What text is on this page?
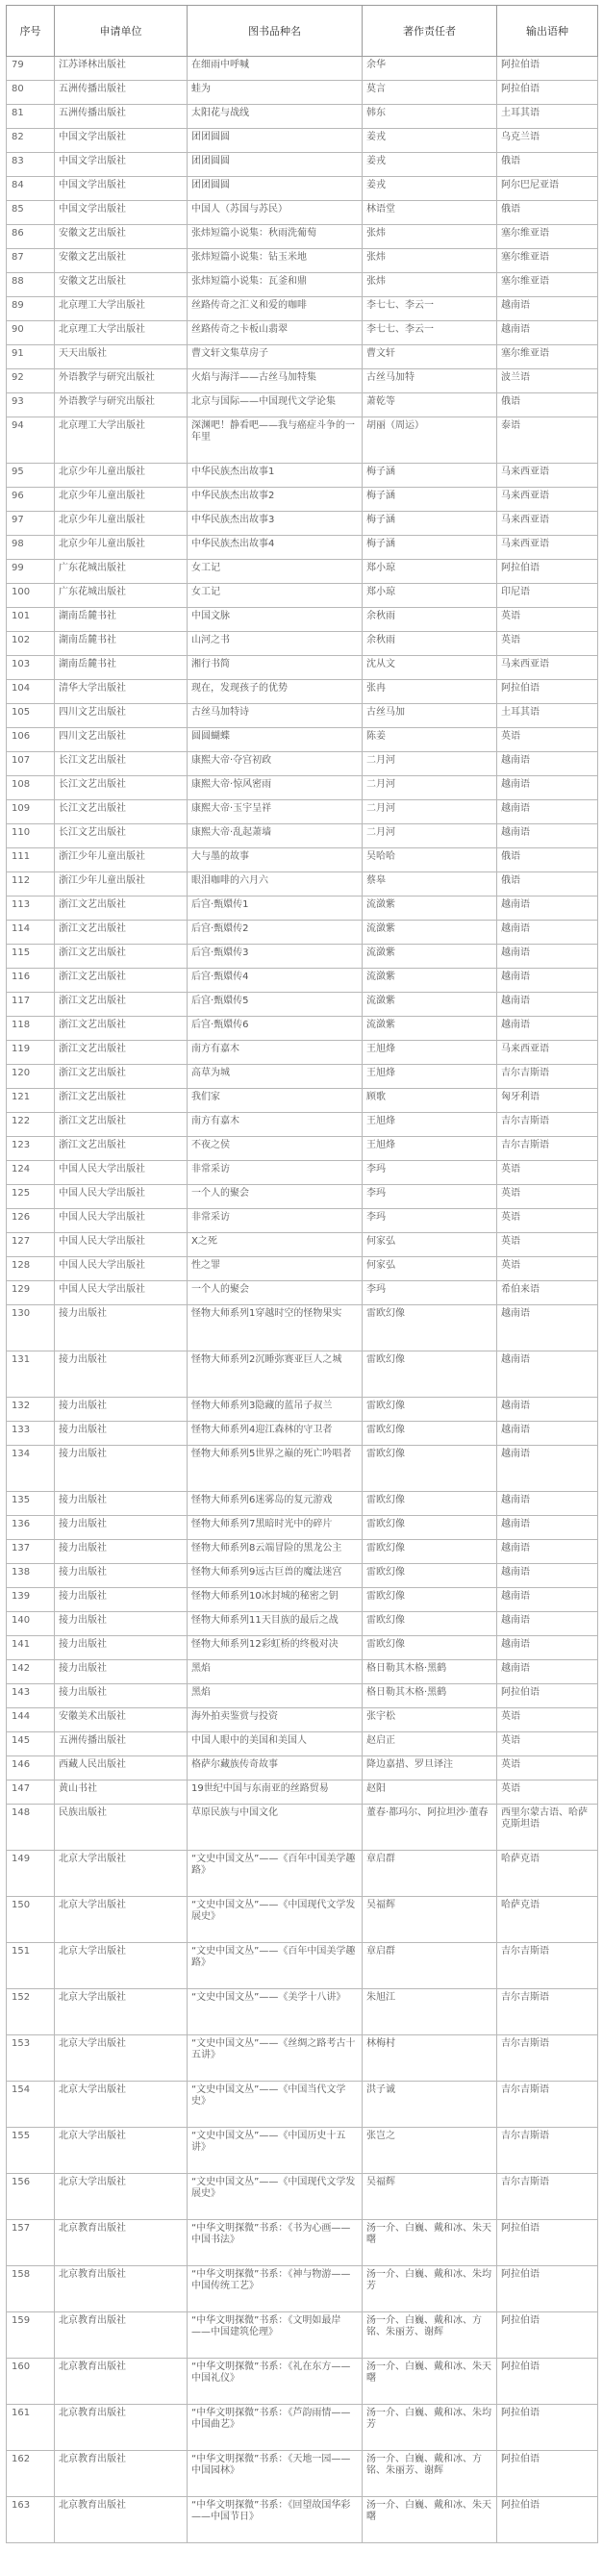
序号	申请单位	图书品种名	著作责任者	输出语种
79	江苏译林出版社	在细雨中呼喊	余华	阿拉伯语
80	五洲传播出版社	蛙为	莫言	阿拉伯语
81	五洲传播出版社	太阳花与战线	韩东	土耳其语
82	中国文学出版社	团团圆圆	姜戎	乌克兰语
83	中国文学出版社	团团圆圆	姜戎	俄语
84	中国文学出版社	团团圆圆	姜戎	阿尔巴尼亚语
85	中国文学出版社	中国人（苏国与苏民）	林语堂	俄语
86	安徽文艺出版社	张炜短篇小说集：秋雨洗葡萄	张炜	塞尔维亚语
87	安徽文艺出版社	张炜短篇小说集：钻玉米地	张炜	塞尔维亚语
88	安徽文艺出版社	张炜短篇小说集：瓦釜和鼎	张炜	塞尔维亚语
89	北京理工大学出版社	丝路传奇之汇义和爱的咖啡	李七七、李云一	越南语
90	北京理工大学出版社	丝路传奇之卡板山翡翠	李七七、李云一	越南语
91	天天出版社	曹文轩文集草房子	曹文轩	塞尔维亚语
92	外语教学与研究出版社	火焰与海洋——古丝马加特集	古丝马加特	波兰语
93	外语教学与研究出版社	北京与国际——中国现代文学论集	萧乾等	俄语
94	北京理工大学出版社	深渊吧！静看吧——我与癌症斗争的一年里	胡丽（周运）	泰语
95	北京少年儿童出版社	中华民族杰出故事1	梅子涵	马来西亚语
96	北京少年儿童出版社	中华民族杰出故事2	梅子涵	马来西亚语
97	北京少年儿童出版社	中华民族杰出故事3	梅子涵	马来西亚语
98	北京少年儿童出版社	中华民族杰出故事4	梅子涵	马来西亚语
99	广东花城出版社	女工记	郑小琼	阿拉伯语
100	广东花城出版社	女工记	郑小琼	印尼语
101	湖南岳麓书社	中国文脉	余秋雨	英语
102	湖南岳麓书社	山河之书	余秋雨	英语
103	湖南岳麓书社	湘行书简	沈从文	马来西亚语
104	清华大学出版社	现在，发现孩子的优势	张冉	阿拉伯语
105	四川文艺出版社	古丝马加特诗	古丝马加	土耳其语
106	四川文艺出版社	圆圆蝴蝶	陈姜	英语
107	长江文艺出版社	康熙大帝·夺宫初政	二月河	越南语
108	长江文艺出版社	康熙大帝·惊风密雨	二月河	越南语
109	长江文艺出版社	康熙大帝·玉宇呈祥	二月河	越南语
110	长江文艺出版社	康熙大帝·乱起萧墙	二月河	越南语
111	浙江少年儿童出版社	大与墨的故事	吴哈哈	俄语
112	浙江少年儿童出版社	眼泪咖啡的六月六	蔡皋	俄语
113	浙江文艺出版社	后宫·甄嬛传1	流潋紫	越南语
114	浙江文艺出版社	后宫·甄嬛传2	流潋紫	越南语
115	浙江文艺出版社	后宫·甄嬛传3	流潋紫	越南语
116	浙江文艺出版社	后宫·甄嬛传4	流潋紫	越南语
117	浙江文艺出版社	后宫·甄嬛传5	流潋紫	越南语
118	浙江文艺出版社	后宫·甄嬛传6	流潋紫	越南语
119	浙江文艺出版社	南方有嘉木	王旭烽	马来西亚语
120	浙江文艺出版社	高草为城	王旭烽	吉尔吉斯语
121	浙江文艺出版社	我们家	顾歌	匈牙利语
122	浙江文艺出版社	南方有嘉木	王旭烽	吉尔吉斯语
123	浙江文艺出版社	不夜之侯	王旭烽	吉尔吉斯语
124	中国人民大学出版社	非常采访	李玛	英语
125	中国人民大学出版社	一个人的聚会	李玛	英语
126	中国人民大学出版社	非常采访	李玛	英语
127	中国人民大学出版社	X之死	何家弘	英语
128	中国人民大学出版社	性之罪	何家弘	英语
129	中国人民大学出版社	一个人的聚会	李玛	希伯来语
130	接力出版社	怪物大师系列1穿越时空的怪物果实	雷欧幻像	越南语
131	接力出版社	怪物大师系列2沉睡弥赛亚巨人之城	雷欧幻像	越南语
132	接力出版社	怪物大师系列3隐藏的蓝吊子叔兰	雷欧幻像	越南语
133	接力出版社	怪物大师系列4迎江森林的守卫者	雷欧幻像	越南语
134	接力出版社	怪物大师系列5世界之巅的死亡吟唱者	雷欧幻像	越南语
135	接力出版社	怪物大师系列6迷雾岛的复元游戏	雷欧幻像	越南语
136	接力出版社	怪物大师系列7黑暗时光中的碎片	雷欧幻像	越南语
137	接力出版社	怪物大师系列8云端冒险的黑龙公主	雷欧幻像	越南语
138	接力出版社	怪物大师系列9远古巨兽的魔法迷宫	雷欧幻像	越南语
139	接力出版社	怪物大师系列10冰封城的秘密之钥	雷欧幻像	越南语
140	接力出版社	怪物大师系列11天目族的最后之战	雷欧幻像	越南语
141	接力出版社	怪物大师系列12彩虹桥的终极对决	雷欧幻像	越南语
142	接力出版社	黑焰	格日勒其木格·黑鹤	越南语
143	接力出版社	黑焰	格日勒其木格·黑鹤	阿拉伯语
144	安徽美术出版社	海外拍卖鉴赏与投资	张宇松	英语
145	五洲传播出版社	中国人眼中的美国和美国人	赵启正	英语
146	西藏人民出版社	格萨尔藏族传奇故事	降边嘉措、罗旦译注	英语
147	黄山书社	19世纪中国与东南亚的丝路贸易	赵阳	英语
148	民族出版社	草原民族与中国文化	董春·都玛尔、阿拉坦沙·董春	西里尔蒙古语、哈萨克斯坦语
149	北京大学出版社	“文史中国文丛”——《百年中国美学趣路》	章启群	哈萨克语
150	北京大学出版社	“文史中国文丛”——《中国现代文学发展史》	吴福辉	哈萨克语
151	北京大学出版社	“文史中国文丛”——《百年中国美学趣路》	章启群	吉尔吉斯语
152	北京大学出版社	“文史中国文丛”——《美学十八讲》	朱旭江	吉尔吉斯语
153	北京大学出版社	“文史中国文丛”——《丝绸之路考古十五讲》	林梅村	吉尔吉斯语
154	北京大学出版社	“文史中国文丛”——《中国当代文学史》	洪子诚	吉尔吉斯语
155	北京大学出版社	“文史中国文丛”——《中国历史十五讲》	张岂之	吉尔吉斯语
156	北京大学出版社	“文史中国文丛”——《中国现代文学发展史》	吴福辉	吉尔吉斯语
157	北京教育出版社	“中华文明探微”书系：《书为心画——中国书法》	汤一介、白巍、戴和冰、朱天曙	阿拉伯语
158	北京教育出版社	“中华文明探微”书系：《神与物游——中国传统工艺》	汤一介、白巍、戴和冰、朱均芳	阿拉伯语
159	北京教育出版社	“中华文明探微”书系：《文明如最岸——中国建筑伦理》	汤一介、白巍、戴和冰、方铭、朱丽芳、谢辉	阿拉伯语
160	北京教育出版社	“中华文明探微”书系：《礼在东方——中国礼仪》	汤一介、白巍、戴和冰、朱天曙	阿拉伯语
161	北京教育出版社	“中华文明探微”书系：《芦韵雨情——中国曲艺》	汤一介、白巍、戴和冰、朱均芳	阿拉伯语
162	北京教育出版社	“中华文明探微”书系：《天地一园——中国园林》	汤一介、白巍、戴和冰、方铭、朱丽芳、谢辉	阿拉伯语
163	北京教育出版社	“中华文明探微”书系：《回望故国华彩——中国节日》	汤一介、白巍、戴和冰、朱天曙	阿拉伯语
